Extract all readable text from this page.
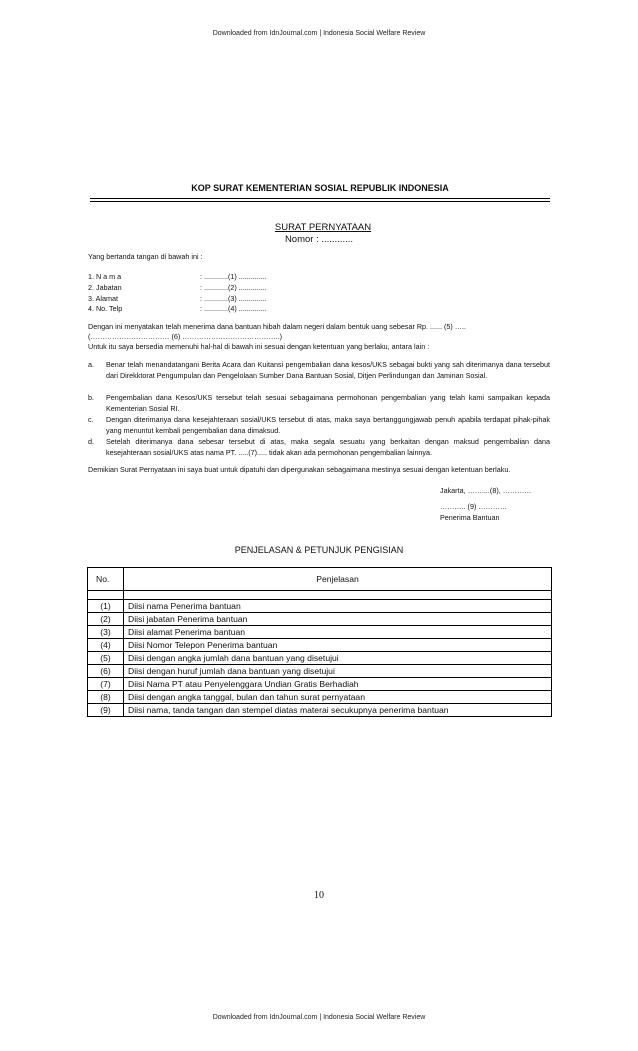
Downloaded from IdnJournal.com | Indonesia Social Welfare Review
KOP SURAT KEMENTERIAN SOSIAL REPUBLIK INDONESIA
SURAT PERNYATAAN
Nomor : ............
Yang bertanda tangan di bawah ini :
1. N a m a	: ............(1) ..............
2. Jabatan	: ............(2) ..............
3. Alamat	: ............(3) ..............
4. No. Telp	: ............(4) ..............
Dengan ini menyatakan telah menerima dana bantuan hibah dalam negeri dalam bentuk uang sebesar Rp. ...... (5) …..
(…………………………… (6) …………………………………..)
Untuk itu saya bersedia memenuhi hal-hal di bawah ini sesuai dengan ketentuan yang berlaku, antara lain :
a. Benar telah menandatangani Berita Acara dan Kuitansi pengembalian dana kesos/UKS sebagai bukti yang sah diterimanya dana tersebut dari Direkktorat Pengumpulan dan Pengelolaan Sumber Dana Bantuan Sosial, Ditjen Perlindungan dan Jaminan Sosial.
b. Pengembalian dana Kesos/UKS tersebut telah sesuai sebagaimana permohonan pengembalian yang telah kami sampaikan kepada Kementerian Sosial RI.
c. Dengan diterimanya dana kesejahteraan sosial/UKS tersebut di atas, maka saya bertanggungjawab penuh apabila terdapat pihak-pihak yang menuntut kembali pengembalian dana dimaksud.
d. Setelah diterimanya dana sebesar tersebut di atas, maka segala sesuatu yang berkaitan dengan maksud pengembalian dana kesejahteraan sosial/UKS atas nama PT. .....(7)..... tidak akan ada permohonan pengembalian lainnya.
Demikian Surat Pernyataan ini saya buat untuk dipatuhi dan dipergunakan sebagaimana mestinya sesuai dengan ketentuan berlaku.
Jakarta, ……....(8), …………
……….. (9) …………
Penerima Bantuan
PENJELASAN & PETUNJUK PENGISIAN
No.	Penjelasan

(1)	Diisi nama Penerima bantuan
(2)	Diisi jabatan Penerima bantuan
(3)	Diisi alamat Penerima bantuan
(4)	Diisi Nomor Telepon Penerima bantuan
(5)	Diisi dengan angka jumlah dana bantuan yang disetujui
(6)	Diisi dengan huruf jumlah dana bantuan yang disetujui
(7)	Diisi Nama PT atau Penyelenggara Undian Gratis Berhadiah
(8)	Diisi dengan angka tanggal, bulan dan tahun surat pernyataan
(9)	Diisi nama, tanda tangan dan stempel diatas materai secukupnya penerima bantuan
10
Downloaded from IdnJournal.com | Indonesia Social Welfare Review
